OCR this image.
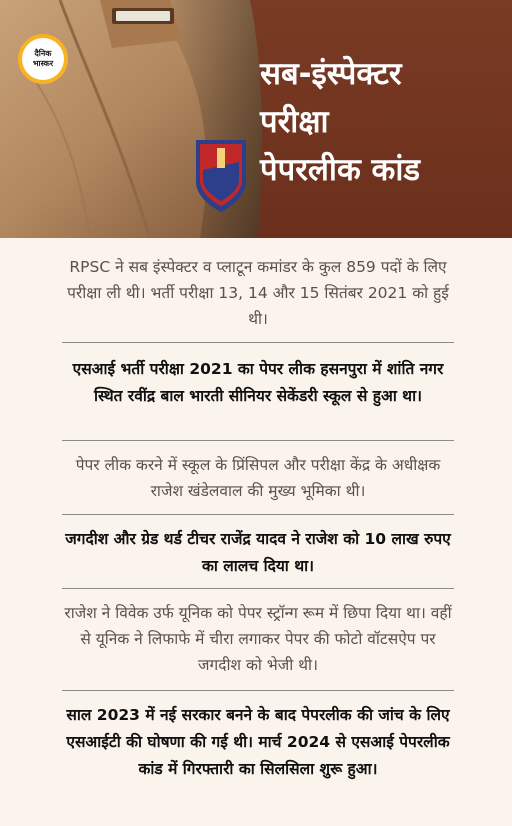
दैनिक
भास्कर	सब-इंस्पेक्टर
परीक्षा
पेपरलीक कांड
RPSC ने सब इंस्पेक्टर व प्लाटून कमांडर के कुल 859 पदों के लिए परीक्षा ली थी। भर्ती परीक्षा 13, 14 और 15 सितंबर 2021 को हुई थी।
एसआई भर्ती परीक्षा 2021 का पेपर लीक हसनपुरा में शांति नगर स्थित रवींद्र बाल भारती सीनियर सेकेंडरी स्कूल से हुआ था।
पेपर लीक करने में स्कूल के प्रिंसिपल और परीक्षा केंद्र के अधीक्षक राजेश खंडेलवाल की मुख्य भूमिका थी।
जगदीश और ग्रेड थर्ड टीचर राजेंद्र यादव ने राजेश को 10 लाख रुपए का लालच दिया था।
राजेश ने विवेक उर्फ यूनिक को पेपर स्ट्रॉन्ग रूम में छिपा दिया था। वहीं से यूनिक ने लिफाफे में चीरा लगाकर पेपर की फोटो वॉटसऐप पर जगदीश को भेजी थी।
साल 2023 में नई सरकार बनने के बाद पेपरलीक की जांच के लिए एसआईटी की घोषणा की गई थी। मार्च 2024 से एसआई पेपरलीक कांड में गिरफ्तारी का सिलसिला शुरू हुआ।
